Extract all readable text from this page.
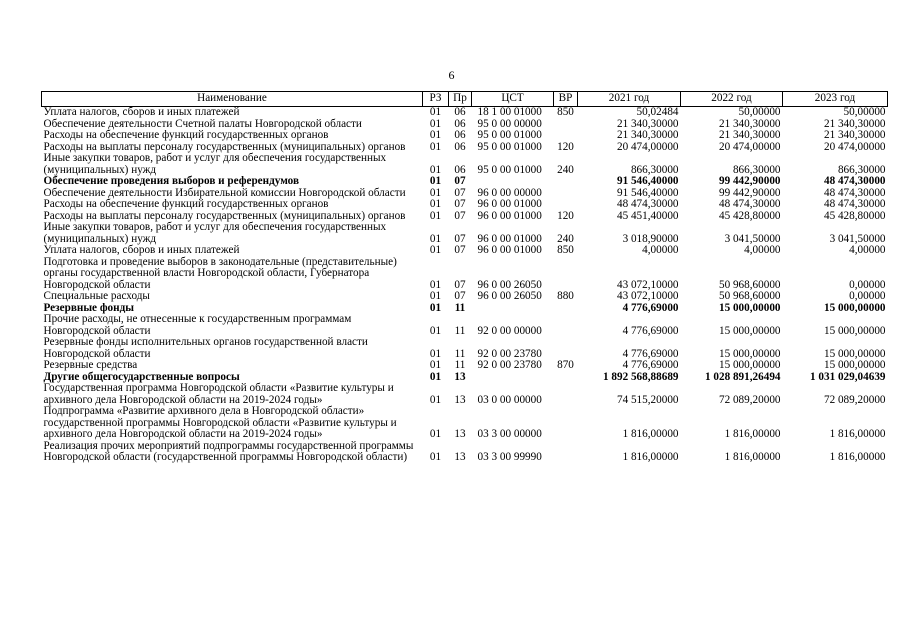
6
Наименование	РЗ	Пр	ЦСТ	ВР	2021 год	2022 год	2023 год
Уплата налогов, сборов и иных платежей	01	06	18 1 00 01000	850	50,02484	50,00000	50,00000
Обеспечение деятельности Счетной палаты Новгородской области	01	06	95 0 00 00000		21 340,30000	21 340,30000	21 340,30000
Расходы на обеспечение функций государственных органов	01	06	95 0 00 01000		21 340,30000	21 340,30000	21 340,30000
Расходы на выплаты персоналу государственных (муниципальных) органов	01	06	95 0 00 01000	120	20 474,00000	20 474,00000	20 474,00000
Иные закупки товаров, работ и услуг для обеспечения государственных (муниципальных) нужд	01	06	95 0 00 01000	240	866,30000	866,30000	866,30000
Обеспечение проведения выборов и референдумов	01	07			91 546,40000	99 442,90000	48 474,30000
Обеспечение деятельности Избирательной комиссии Новгородской области	01	07	96 0 00 00000		91 546,40000	99 442,90000	48 474,30000
Расходы на обеспечение функций государственных органов	01	07	96 0 00 01000		48 474,30000	48 474,30000	48 474,30000
Расходы на выплаты персоналу государственных (муниципальных) органов	01	07	96 0 00 01000	120	45 451,40000	45 428,80000	45 428,80000
Иные закупки товаров, работ и услуг для обеспечения государственных (муниципальных) нужд	01	07	96 0 00 01000	240	3 018,90000	3 041,50000	3 041,50000
Уплата налогов, сборов и иных платежей	01	07	96 0 00 01000	850	4,00000	4,00000	4,00000
Подготовка и проведение выборов в законодательные (представительные) органы государственной власти Новгородской области, Губернатора Новгородской области	01	07	96 0 00 26050		43 072,10000	50 968,60000	0,00000
Специальные расходы	01	07	96 0 00 26050	880	43 072,10000	50 968,60000	0,00000
Резервные фонды	01	11			4 776,69000	15 000,00000	15 000,00000
Прочие расходы, не отнесенные к государственным программам Новгородской области	01	11	92 0 00 00000		4 776,69000	15 000,00000	15 000,00000
Резервные фонды исполнительных органов государственной власти Новгородской области	01	11	92 0 00 23780		4 776,69000	15 000,00000	15 000,00000
Резервные средства	01	11	92 0 00 23780	870	4 776,69000	15 000,00000	15 000,00000
Другие общегосударственные вопросы	01	13			1 892 568,88689	1 028 891,26494	1 031 029,04639
Государственная программа Новгородской области «Развитие культуры и архивного дела Новгородской области на 2019-2024 годы»	01	13	03 0 00 00000		74 515,20000	72 089,20000	72 089,20000
Подпрограмма «Развитие архивного дела в Новгородской области» государственной программы Новгородской области «Развитие культуры и архивного дела Новгородской области на 2019-2024 годы»	01	13	03 3 00 00000		1 816,00000	1 816,00000	1 816,00000
Реализация прочих мероприятий подпрограммы государственной программы Новгородской области (государственной программы Новгородской области)	01	13	03 3 00 99990		1 816,00000	1 816,00000	1 816,00000
